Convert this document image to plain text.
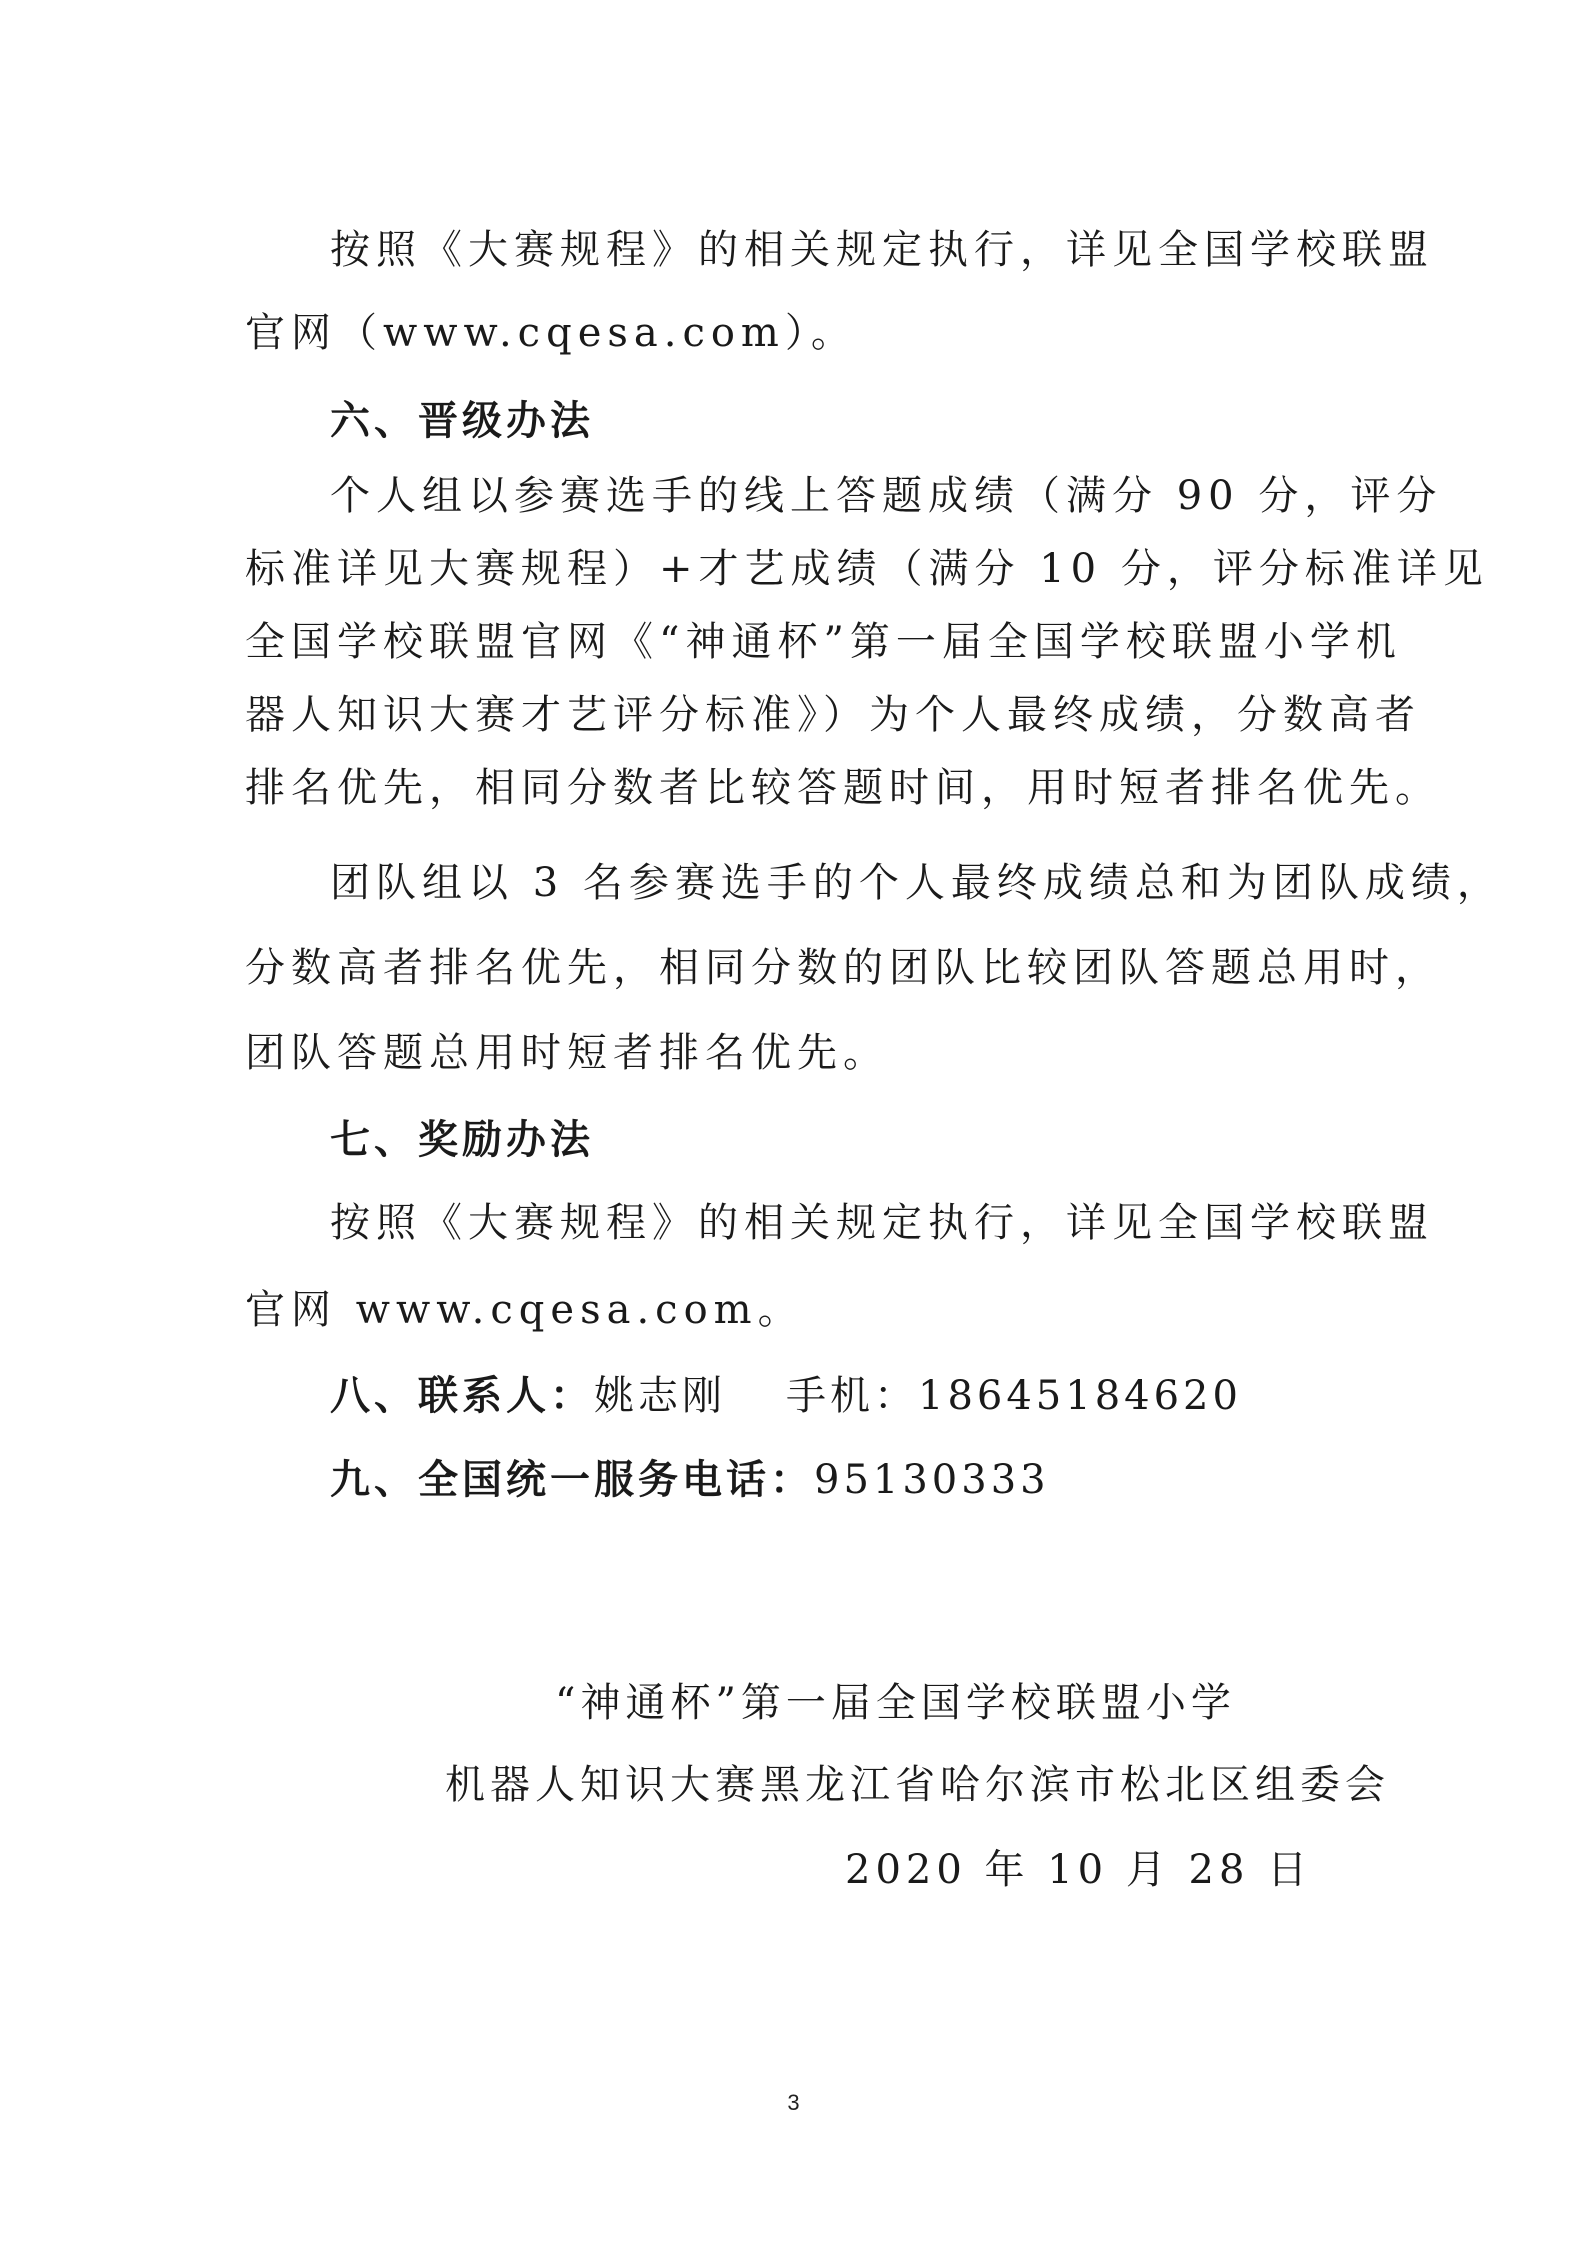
按照《大赛规程》的相关规定执行，详见全国学校联盟
官网（www.cqesa.com）。
六、晋级办法
个人组以参赛选手的线上答题成绩（满分 90 分，评分
标准详见大赛规程）+才艺成绩（满分 10 分，评分标准详见
全国学校联盟官网《“神通杯”第一届全国学校联盟小学机
器人知识大赛才艺评分标准》）为个人最终成绩，分数高者
排名优先，相同分数者比较答题时间，用时短者排名优先。
团队组以 3 名参赛选手的个人最终成绩总和为团队成绩，
分数高者排名优先，相同分数的团队比较团队答题总用时，
团队答题总用时短者排名优先。
七、奖励办法
按照《大赛规程》的相关规定执行，详见全国学校联盟
官网 www.cqesa.com。
八、联系人：姚志刚 手机：18645184620
九、全国统一服务电话：95130333
“神通杯”第一届全国学校联盟小学
机器人知识大赛黑龙江省哈尔滨市松北区组委会
2020 年 10 月 28 日
3
